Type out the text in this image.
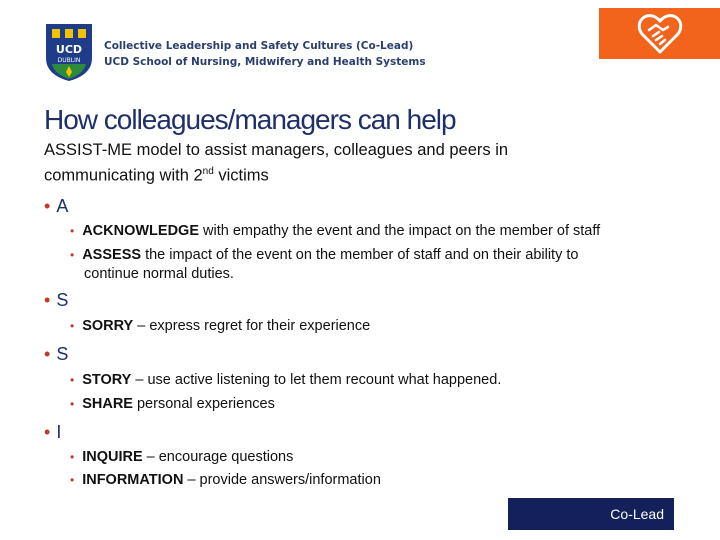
UCD
DUBLIN
Collective Leadership and Safety Cultures (Co-Lead)
UCD School of Nursing, Midwifery and Health Systems
How colleagues/managers can help
ASSIST-ME model to assist managers, colleagues and peers in communicating with 2nd victims
• A
• ACKNOWLEDGE with empathy the event and the impact on the member of staff
• ASSESS the impact of the event on the member of staff and on their ability to
continue normal duties.
• S
• SORRY – express regret for their experience
• S
• STORY – use active listening to let them recount what happened.
• SHARE personal experiences
• I
• INQUIRE – encourage questions
• INFORMATION – provide answers/information
Co-Lead
